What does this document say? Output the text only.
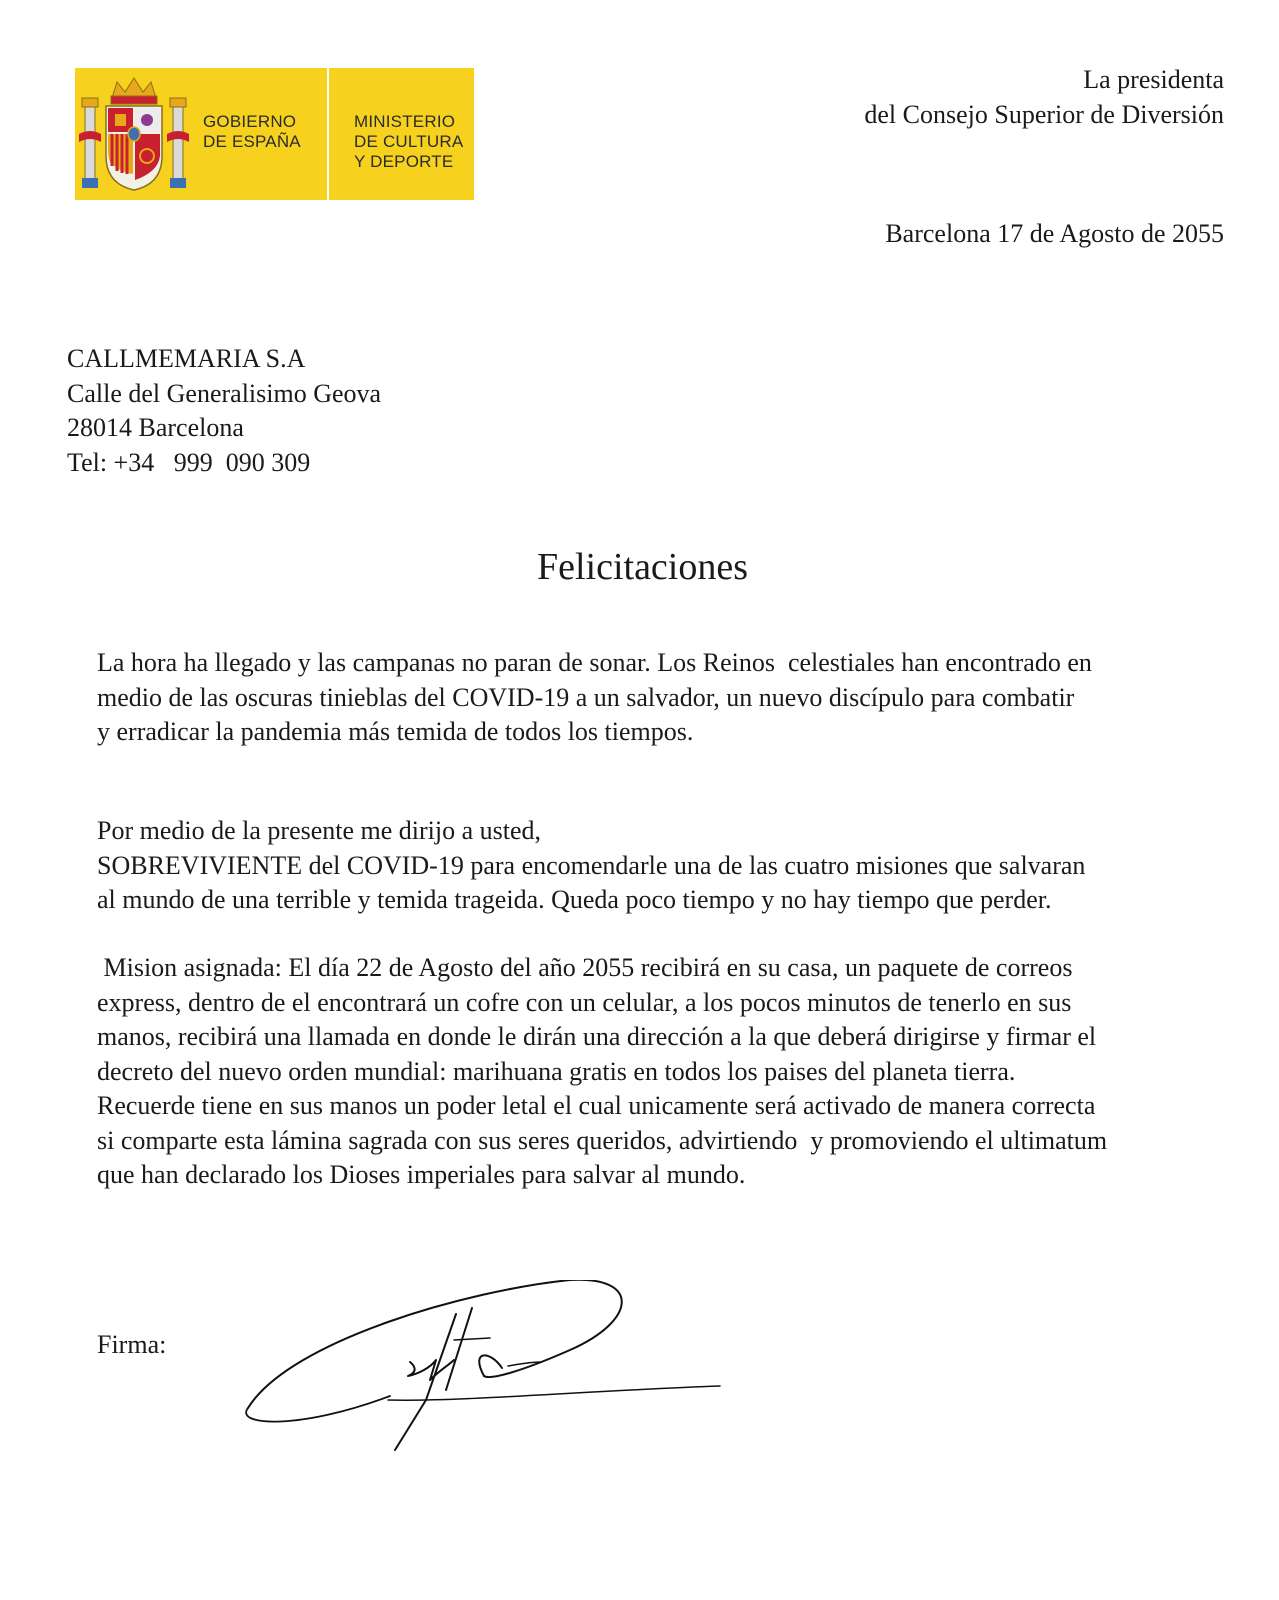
GOBIERNO
DE ESPAÑA
MINISTERIO
DE CULTURA
Y DEPORTE
La presidenta
del Consejo Superior de Diversión
Barcelona 17 de Agosto de 2055
CALLMEMARIA S.A
Calle del Generalisimo Geova
28014 Barcelona
Tel: +34   999  090 309
Felicitaciones
La hora ha llegado y las campanas no paran de sonar. Los Reinos  celestiales han encontrado en
medio de las oscuras tinieblas del COVID-19 a un salvador, un nuevo discípulo para combatir
y erradicar la pandemia más temida de todos los tiempos.
Por medio de la presente me dirijo a usted,
SOBREVIVIENTE del COVID-19 para encomendarle una de las cuatro misiones que salvaran
al mundo de una terrible y temida trageida. Queda poco tiempo y no hay tiempo que perder.
Mision asignada: El día 22 de Agosto del año 2055 recibirá en su casa, un paquete de correos
express, dentro de el encontrará un cofre con un celular, a los pocos minutos de tenerlo en sus
manos, recibirá una llamada en donde le dirán una dirección a la que deberá dirigirse y firmar el
decreto del nuevo orden mundial: marihuana gratis en todos los paises del planeta tierra.
Recuerde tiene en sus manos un poder letal el cual unicamente será activado de manera correcta
si comparte esta lámina sagrada con sus seres queridos, advirtiendo  y promoviendo el ultimatum
que han declarado los Dioses imperiales para salvar al mundo.
Firma:
